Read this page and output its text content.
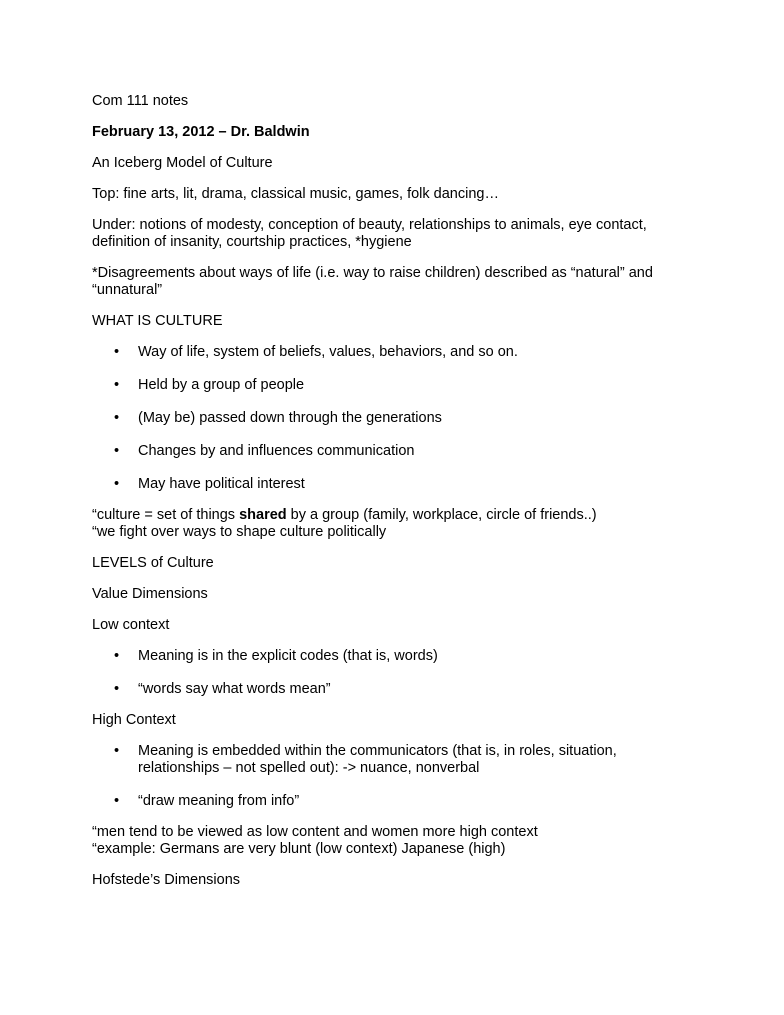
Com 111 notes

February 13, 2012 – Dr. Baldwin

An Iceberg Model of Culture

Top: fine arts, lit, drama, classical music, games, folk dancing…

Under: notions of modesty, conception of beauty, relationships to animals, eye contact, definition of insanity, courtship practices, *hygiene

*Disagreements about ways of life (i.e. way to raise children) described as “natural” and “unnatural”

WHAT IS CULTURE

• Way of life, system of beliefs, values, behaviors, and so on.
• Held by a group of people
• (May be) passed down through the generations
• Changes by and influences communication
• May have political interest

“culture = set of things shared by a group (family, workplace, circle of friends..)

“we fight over ways to shape culture politically

LEVELS of Culture

Value Dimensions

Low context

• Meaning is in the explicit codes (that is, words)
• “words say what words mean”

High Context

• Meaning is embedded within the communicators (that is, in roles, situation, relationships – not spelled out): -> nuance, nonverbal
• “draw meaning from info”

“men tend to be viewed as low content and women more high context

“example: Germans are very blunt (low context) Japanese (high)

Hofstede’s Dimensions
